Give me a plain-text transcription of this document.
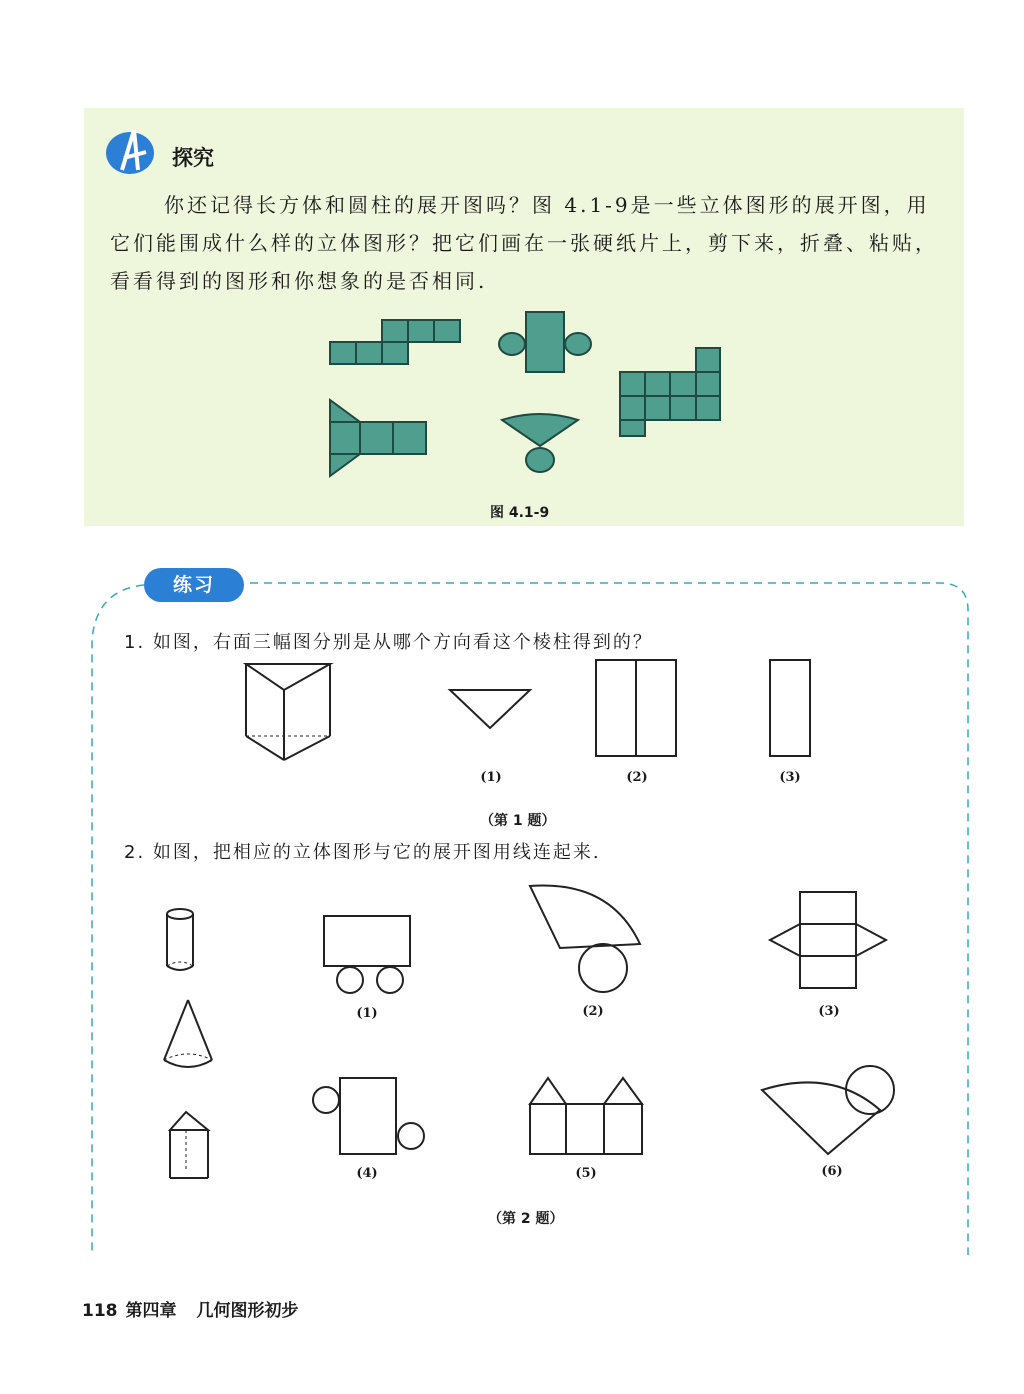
探究

你还记得长方体和圆柱的展开图吗？图 4.1-9是一些立体图形的展开图，用它们能围成什么样的立体图形？把它们画在一张硬纸片上，剪下来，折叠、粘贴，看看得到的图形和你想象的是否相同.

图 4.1-9
练习
1. 如图，右面三幅图分别是从哪个方向看这个棱柱得到的？
(1)	(2)	(3)
（第 1 题）
2. 如图，把相应的立体图形与它的展开图用线连起来.
(1)	(2)	(3)
(4)	(5)	(6)
（第 2 题）
118 第四章 几何图形初步
